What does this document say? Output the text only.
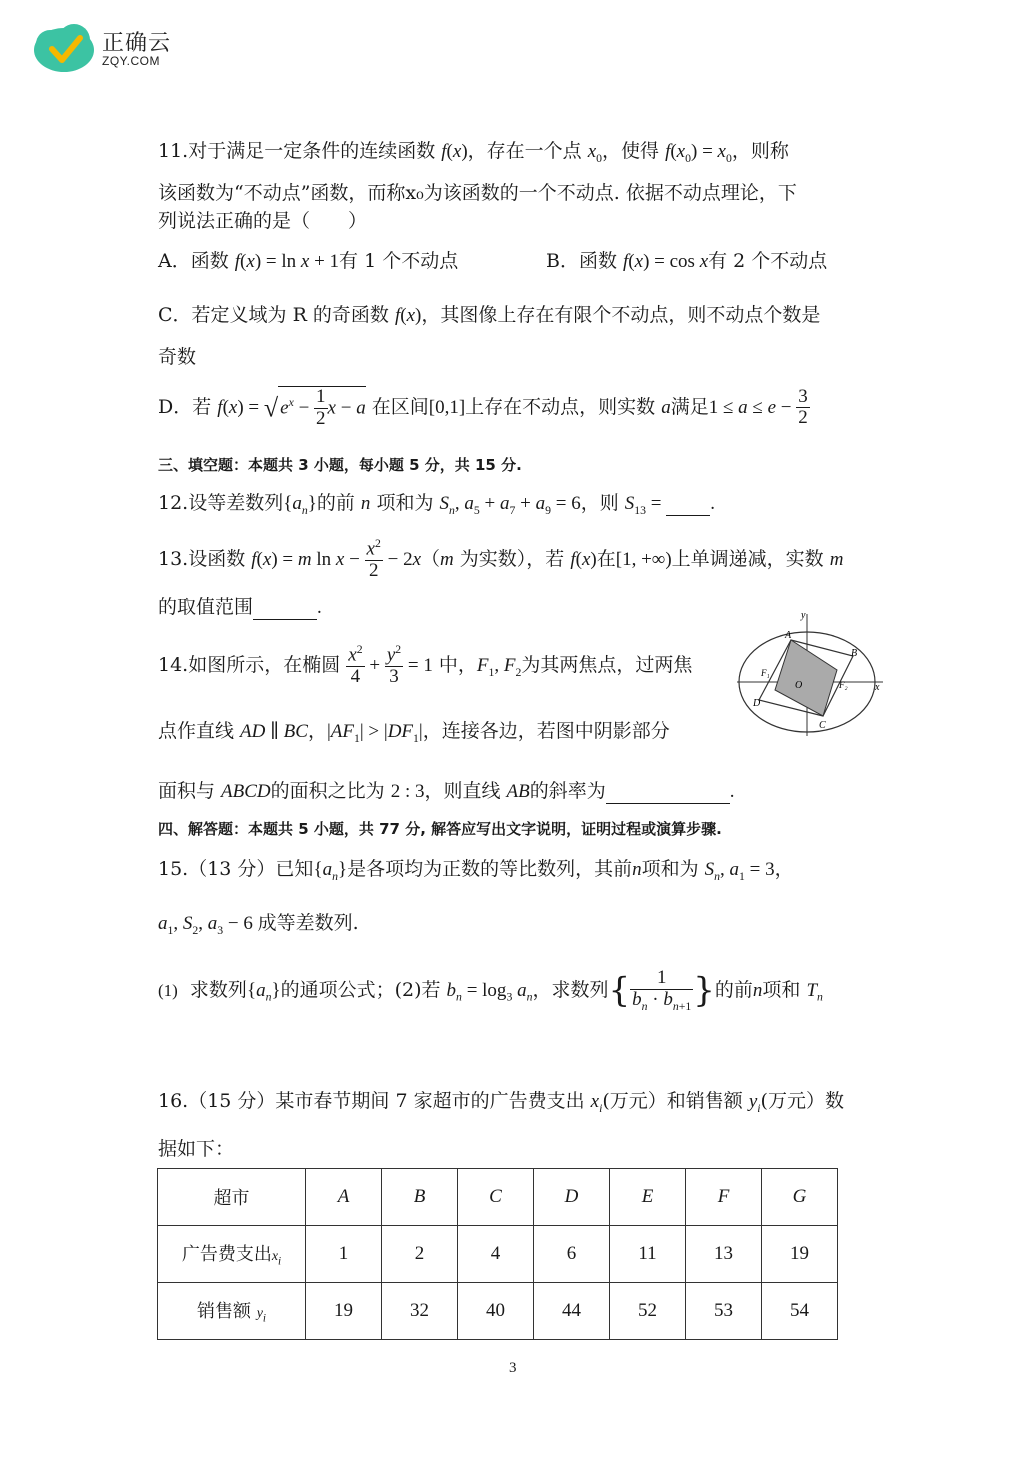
正确云
ZQY.COM
11.对于满足一定条件的连续函数 f(x)，存在一个点 $x_0$，使得 $f(x_0) = x_0$，则称
该函数为“不动点”函数，而称x₀为该函数的一个不动点. 依据不动点理论，下
列说法正确的是（　　）
A．函数 f(x) = ln x + 1有 1 个不动点	B．函数 f(x) = cos x有 2 个不动点
C．若定义域为 R 的奇函数 f(x)，其图像上存在有限个不动点，则不动点个数是
奇数
D．若 f(x) = √ $e^x - \frac{1}{2}$ x − a 在区间[0,1]上存在不动点，则实数 a满足$1 \le a \le e - \frac{3}{2}$
三、填空题：本题共 3 小题，每小题 5 分，共 15 分.
12.设等差数列$\{a_n\}$的前 n 项和为 $S_n$, $a_5 + a_7 + a_9 = 6$，则 $S_{13}$ =  .
13.设函数 f(x) = m $\ln x - \frac{x^2}{2} - 2x(m$ 为实数），若 f(x)在[1, +∞)上单调递减，实数 m
的取值范围	.
14.如图所示，在椭圆 $\frac{x^2}{4} + \frac{y^2}{3} = 1$ 中，$F_1$, $F_2$为其两焦点，过两焦
点作直线 AD ∥ BC，$|AF_1| > |DF_1|$，连接各边，若图中阴影部分
面积与 ABCD的面积之比为 2 : 3，则直线 AB的斜率为	.
y
A
B
F₁
O	F₂	x
D
C
四、解答题：本题共 5 小题，共 77 分, 解答应写出文字说明，证明过程或演算步骤.
15.（13 分）已知$\{a_n\}$是各项均为正数的等比数列，其前n项和为 $S_n$, $a_1 = 3$，
$a_1$, $S_2$, $a_3 - 6$ 成等差数列.
(1) 求数列$\{a_n\}$的通项公式；(2)若 $b_n = \log_3 a_n$，求数列{ $\frac{1}{b_n \cdot b_{n+1}}$ }的前n项和 $T_n$
16.（15 分）某市春节期间 7 家超市的广告费支出 $x_i$(万元）和销售额 $y_i$(万元）数
据如下：
超市	A	B	C	D	E	F	G
广告费支出$x_i$	1	2	4	6	11	13	19
销售额 $y_i$	19	32	40	44	52	53	54
3
